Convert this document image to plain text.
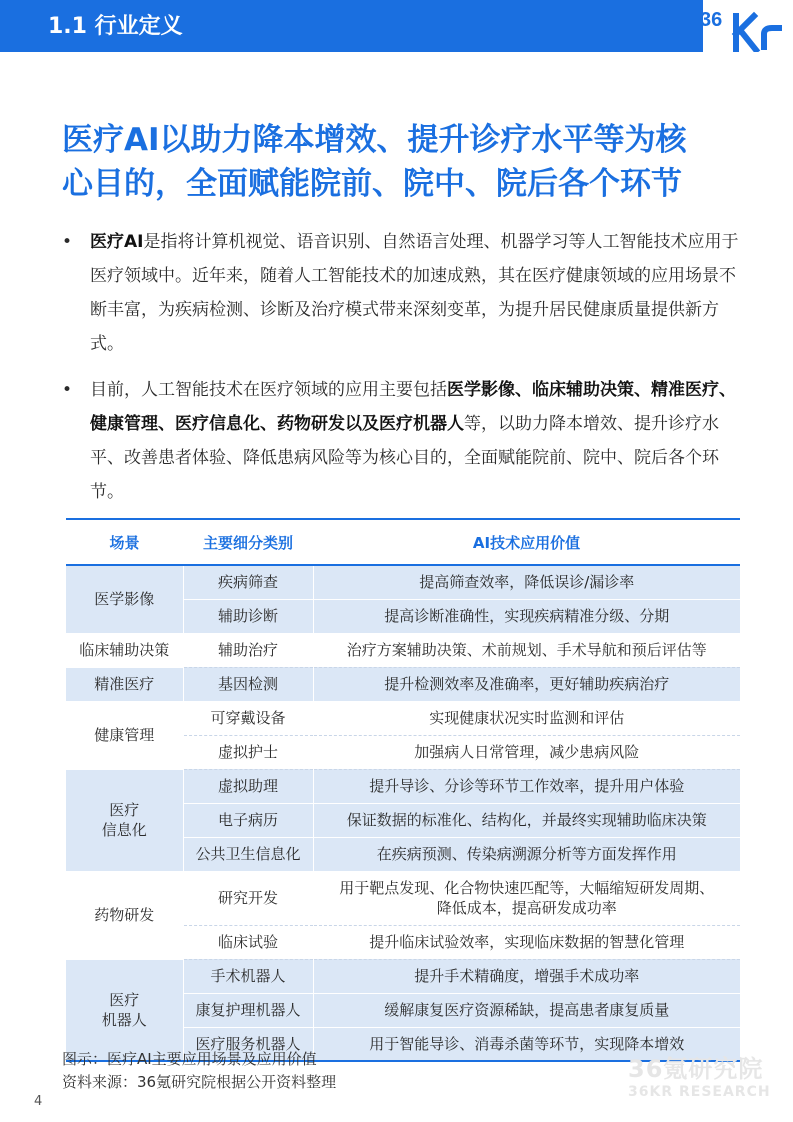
1.1 行业定义	36
医疗AI以助力降本增效、提升诊疗水平等为核
心目的，全面赋能院前、院中、院后各个环节
• 医疗AI是指将计算机视觉、语音识别、自然语言处理、机器学习等人工智能技术应用于医疗领域中。近年来，随着人工智能技术的加速成熟，其在医疗健康领域的应用场景不断丰富，为疾病检测、诊断及治疗模式带来深刻变革，为提升居民健康质量提供新方式。
• 目前，人工智能技术在医疗领域的应用主要包括医学影像、临床辅助决策、精准医疗、健康管理、医疗信息化、药物研发以及医疗机器人等，以助力降本增效、提升诊疗水平、改善患者体验、降低患病风险等为核心目的，全面赋能院前、院中、院后各个环节。
场景	主要细分类别	AI技术应用价值
医学影像	疾病筛查	提高筛查效率，降低误诊/漏诊率
	辅助诊断	提高诊断准确性，实现疾病精准分级、分期
临床辅助决策	辅助治疗	治疗方案辅助决策、术前规划、手术导航和预后评估等
精准医疗	基因检测	提升检测效率及准确率，更好辅助疾病治疗
健康管理	可穿戴设备	实现健康状况实时监测和评估
	虚拟护士	加强病人日常管理，减少患病风险
医疗
信息化	虚拟助理	提升导诊、分诊等环节工作效率，提升用户体验
	电子病历	保证数据的标准化、结构化，并最终实现辅助临床决策
	公共卫生信息化	在疾病预测、传染病溯源分析等方面发挥作用
药物研发	研究开发	用于靶点发现、化合物快速匹配等，大幅缩短研发周期、
降低成本，提高研发成功率
	临床试验	提升临床试验效率，实现临床数据的智慧化管理
医疗
机器人	手术机器人	提升手术精确度，增强手术成功率
	康复护理机器人	缓解康复医疗资源稀缺，提高患者康复质量
	医疗服务机器人	用于智能导诊、消毒杀菌等环节，实现降本增效
图示：医疗AI主要应用场景及应用价值
资料来源：36氪研究院根据公开资料整理	36氪研究院
36KR RESEARCH
4
